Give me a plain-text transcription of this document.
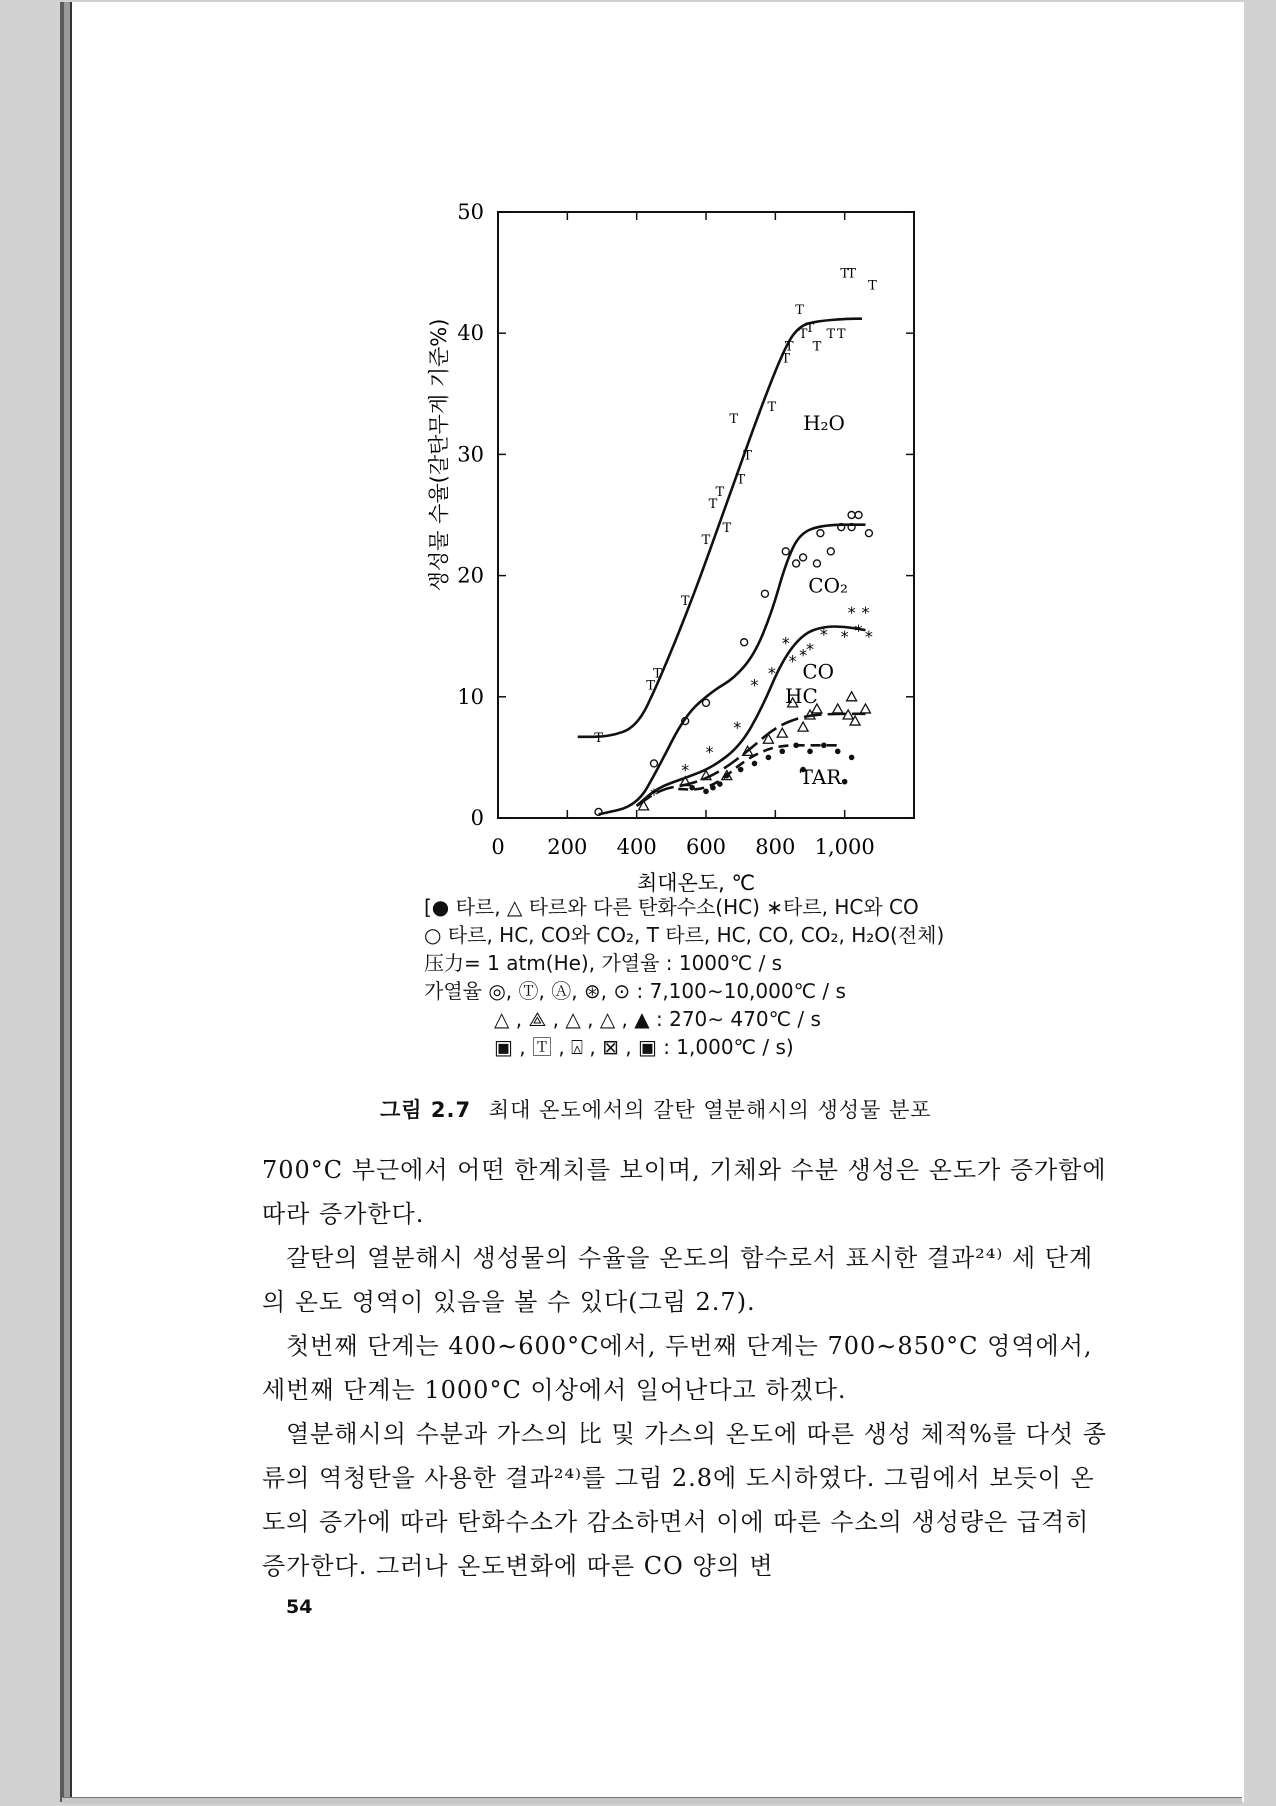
0 200 400 600 800 1,000
0
10
20
30
40
50
최대온도, ℃
생성물 수율(갈탄무게 기준%)
T
T
T
T
T
T
T
T
T
T
T
T
T
T
T
T
T
T
T T
T
T
T
H₂O
CO₂
*
*
*
*
*
*
*
* *
*
* * * *
* *
CO
HC
TAR
[● 타르, △ 타르와 다른 탄화수소(HC) ∗타르, HC와 CO
○ 타르, HC, CO와 CO₂, T 타르, HC, CO, CO₂, H₂O(전체)
压力= 1 atm(He), 가열율 : 1000℃ / s
가열율 ◎, Ⓣ, Ⓐ, ⊛, ⊙ : 7,100∼10,000℃ / s
△ , ⟁ , △ , △ , ▲ : 270∼ 470℃ / s
▣ , 🅃 , ⍓ , ⊠ , ▣ : 1,000℃ / s)
그림 2.7 최대 온도에서의 갈탄 열분해시의 생성물 분포

700°C 부근에서 어떤 한계치를 보이며, 기체와 수분 생성은 온도가 증가함에 따라 증가한다.

갈탄의 열분해시 생성물의 수율을 온도의 함수로서 표시한 결과²⁴⁾ 세 단계의 온도 영역이 있음을 볼 수 있다(그림 2.7).

첫번째 단계는 400∼600°C에서, 두번째 단계는 700∼850°C 영역에서, 세번째 단계는 1000°C 이상에서 일어난다고 하겠다.

열분해시의 수분과 가스의 比 및 가스의 온도에 따른 생성 체적%를 다섯 종류의 역청탄을 사용한 결과²⁴⁾를 그림 2.8에 도시하였다. 그림에서 보듯이 온도의 증가에 따라 탄화수소가 감소하면서 이에 따른 수소의 생성량은 급격히 증가한다. 그러나 온도변화에 따른 CO 양의 변

54
